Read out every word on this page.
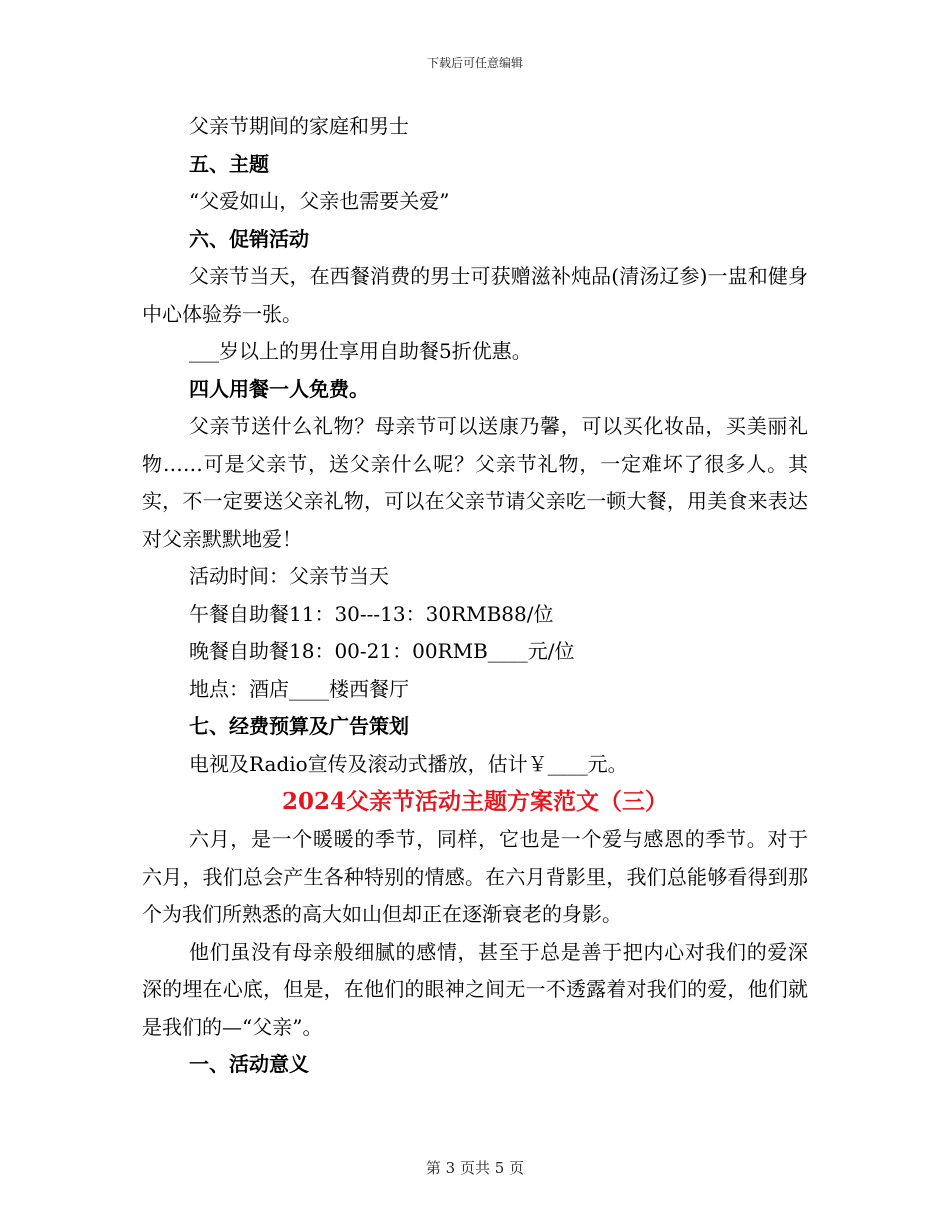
下载后可任意编辑

父亲节期间的家庭和男士

五、主题

“父爱如山，父亲也需要关爱”

六、促销活动

父亲节当天，在西餐消费的男士可获赠滋补炖品(清汤辽参)一盅和健身中心体验券一张。

___岁以上的男仕享用自助餐5折优惠。

四人用餐一人免费。

父亲节送什么礼物？母亲节可以送康乃馨，可以买化妆品，买美丽礼物……可是父亲节，送父亲什么呢？父亲节礼物，一定难坏了很多人。其实，不一定要送父亲礼物，可以在父亲节请父亲吃一顿大餐，用美食来表达对父亲默默地爱！

活动时间：父亲节当天

午餐自助餐11：30---13：30RMB88/位

晚餐自助餐18：00-21：00RMB____元/位

地点：酒店____楼西餐厅

七、经费预算及广告策划

电视及Radio宣传及滚动式播放，估计￥____元。

2024父亲节活动主题方案范文（三）

六月，是一个暖暖的季节，同样，它也是一个爱与感恩的季节。对于六月，我们总会产生各种特别的情感。在六月背影里，我们总能够看得到那个为我们所熟悉的高大如山但却正在逐渐衰老的身影。

他们虽没有母亲般细腻的感情，甚至于总是善于把内心对我们的爱深深的埋在心底，但是，在他们的眼神之间无一不透露着对我们的爱，他们就是我们的—“父亲”。

一、活动意义

第 3 页共 5 页
